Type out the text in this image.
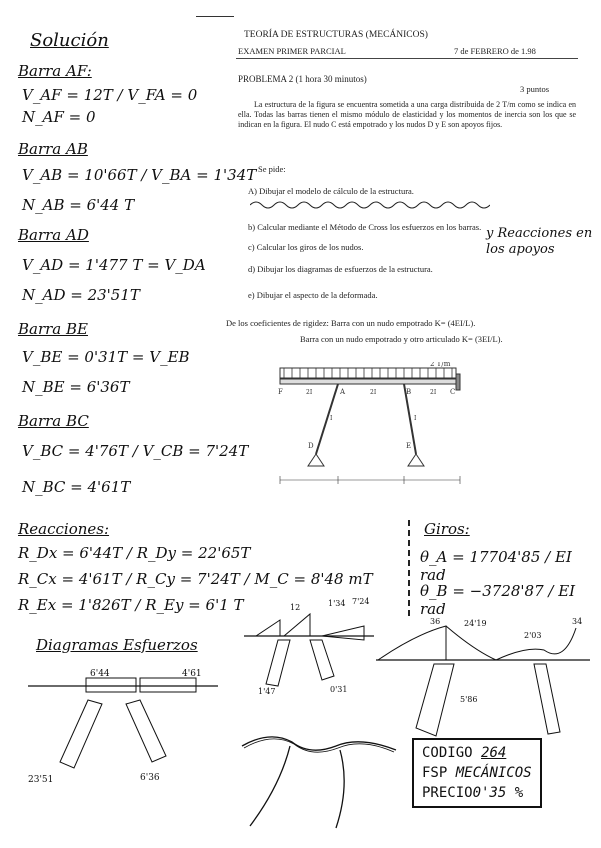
Solución
Barra AF:
V_AF = 12T / V_FA = 0
N_AF = 0
Barra AB
V_AB = 10'66T / V_BA = 1'34T
N_AB = 6'44 T
Barra AD
V_AD = 1'477 T = V_DA
N_AD = 23'51T
Barra BE
V_BE = 0'31T = V_EB
N_BE = 6'36T
Barra BC
V_BC = 4'76T / V_CB = 7'24T
N_BC = 4'61T
Reacciones:
R_Dx = 6'44T / R_Dy = 22'65T
R_Cx = 4'61T / R_Cy = 7'24T / M_C = 8'48 mT
R_Ex = 1'826T / R_Ey = 6'1 T
Giros:
θ_A = 17704'85 / EI rad
θ_B = −3728'87 / EI rad
TEORÍA DE ESTRUCTURAS (MECÁNICOS)
EXAMEN PRIMER PARCIAL	7 de FEBRERO de 1.98
PROBLEMA 2 (1 hora 30 minutos)
3 puntos
La estructura de la figura se encuentra sometida a una carga distribuida de 2 T/m como se indica en ella. Todas las barras tienen el mismo módulo de elasticidad y los momentos de inercia son los que se indican en la figura. El nudo C está empotrado y los nudos D y E son apoyos fijos.
Se pide:
A) Dibujar el modelo de cálculo de la estructura.
b) Calcular mediante el Método de Cross los esfuerzos en los barras.
c) Calcular los giros de los nudos.
d) Dibujar los diagramas de esfuerzos de la estructura.
e) Dibujar el aspecto de la deformada.
y Reacciones en los apoyos
De los coeficientes de rigidez: Barra con un nudo empotrado K= (4EI/L).
Barra con un nudo empotrado y otro articulado K= (3EI/L).
2 T/m
F	A	B	C
D	E
2I	2I	2I
I	I
Diagramas Esfuerzos
6'44	4'61
23'51	6'36
12	1'34 7'24
1'47	0'31
36	24'19
2'03
5'86
34
CODIGO 264
FSP MECÁNICOS
PRECIO0'35 %
